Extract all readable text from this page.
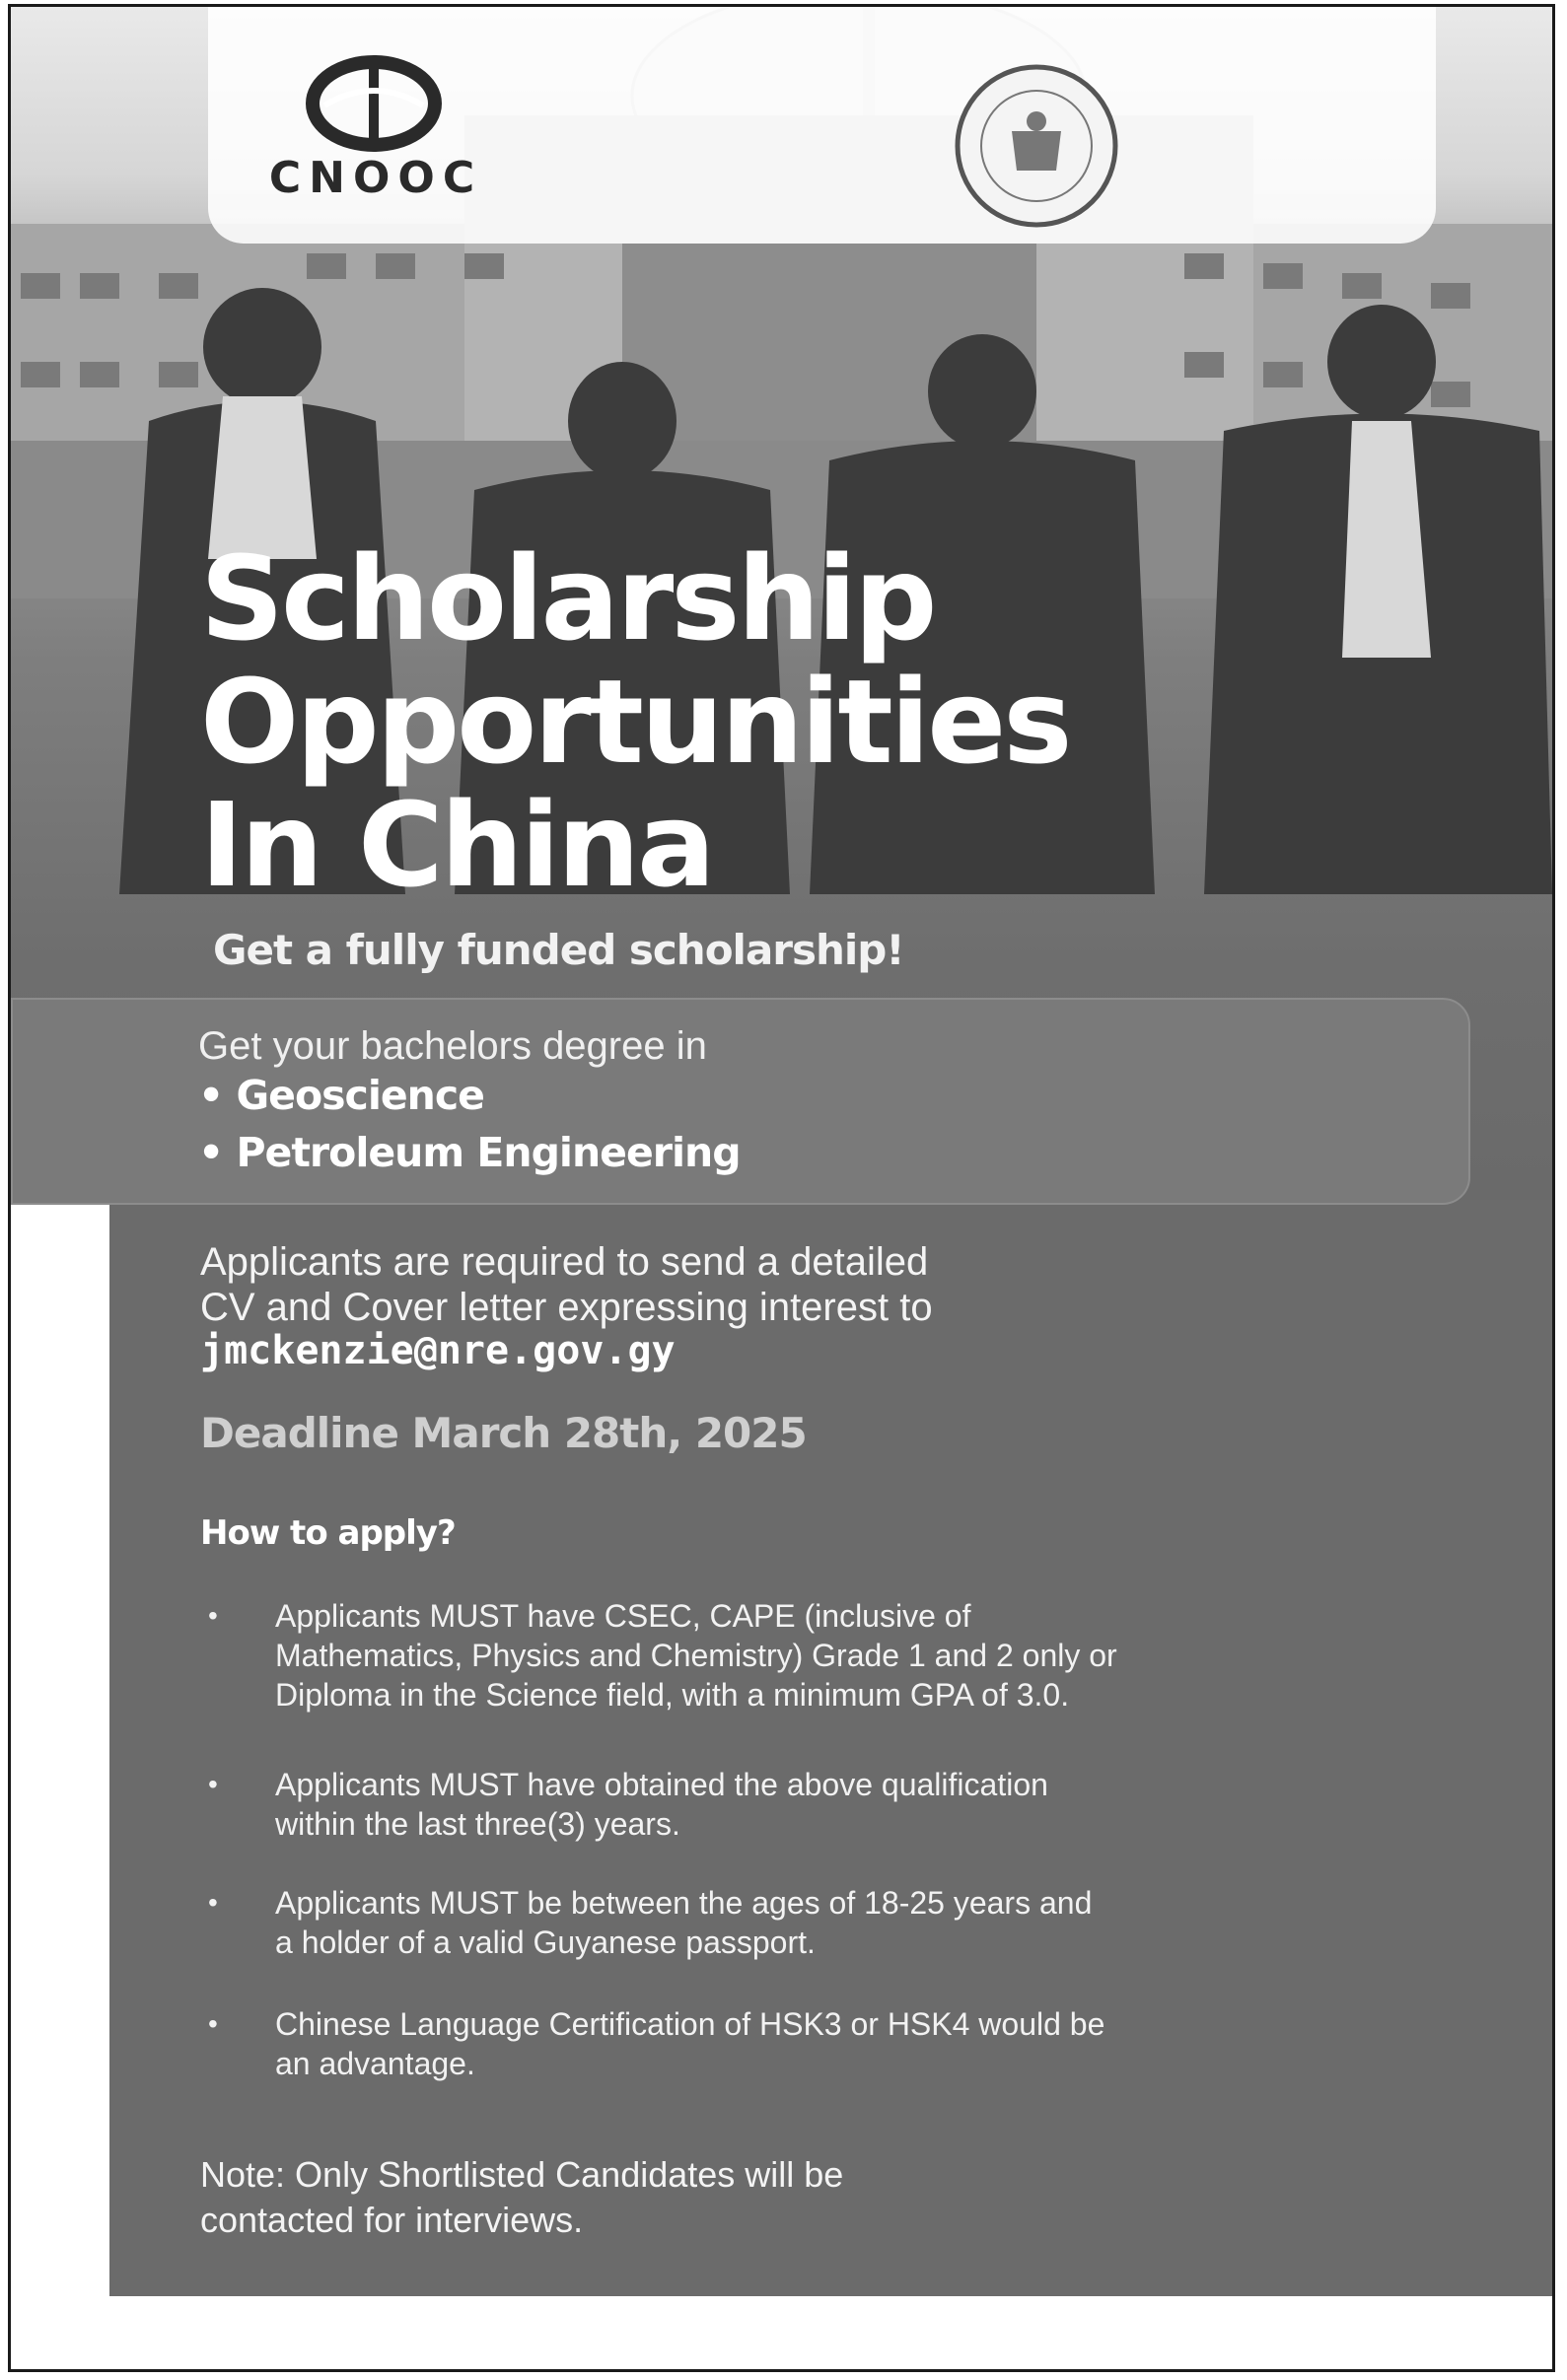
CNOOC
Scholarship
Opportunities
In China
Get a fully funded scholarship!
Get your bachelors degree in
• Geoscience
• Petroleum Engineering
Applicants are required to send a detailed
CV and Cover letter expressing interest to
jmckenzie@nre.gov.gy
Deadline March 28th, 2025
How to apply?
•	Applicants MUST have CSEC, CAPE (inclusive of
Mathematics, Physics and Chemistry) Grade 1 and 2 only or
Diploma in the Science field, with a minimum GPA of 3.0.
•	Applicants MUST have obtained the above qualification
within the last three(3) years.
•	Applicants MUST be between the ages of 18-25 years and
a holder of a valid Guyanese passport.
•	Chinese Language Certification of HSK3 or HSK4 would be
an advantage.
Note: Only Shortlisted Candidates will be
contacted for interviews.
